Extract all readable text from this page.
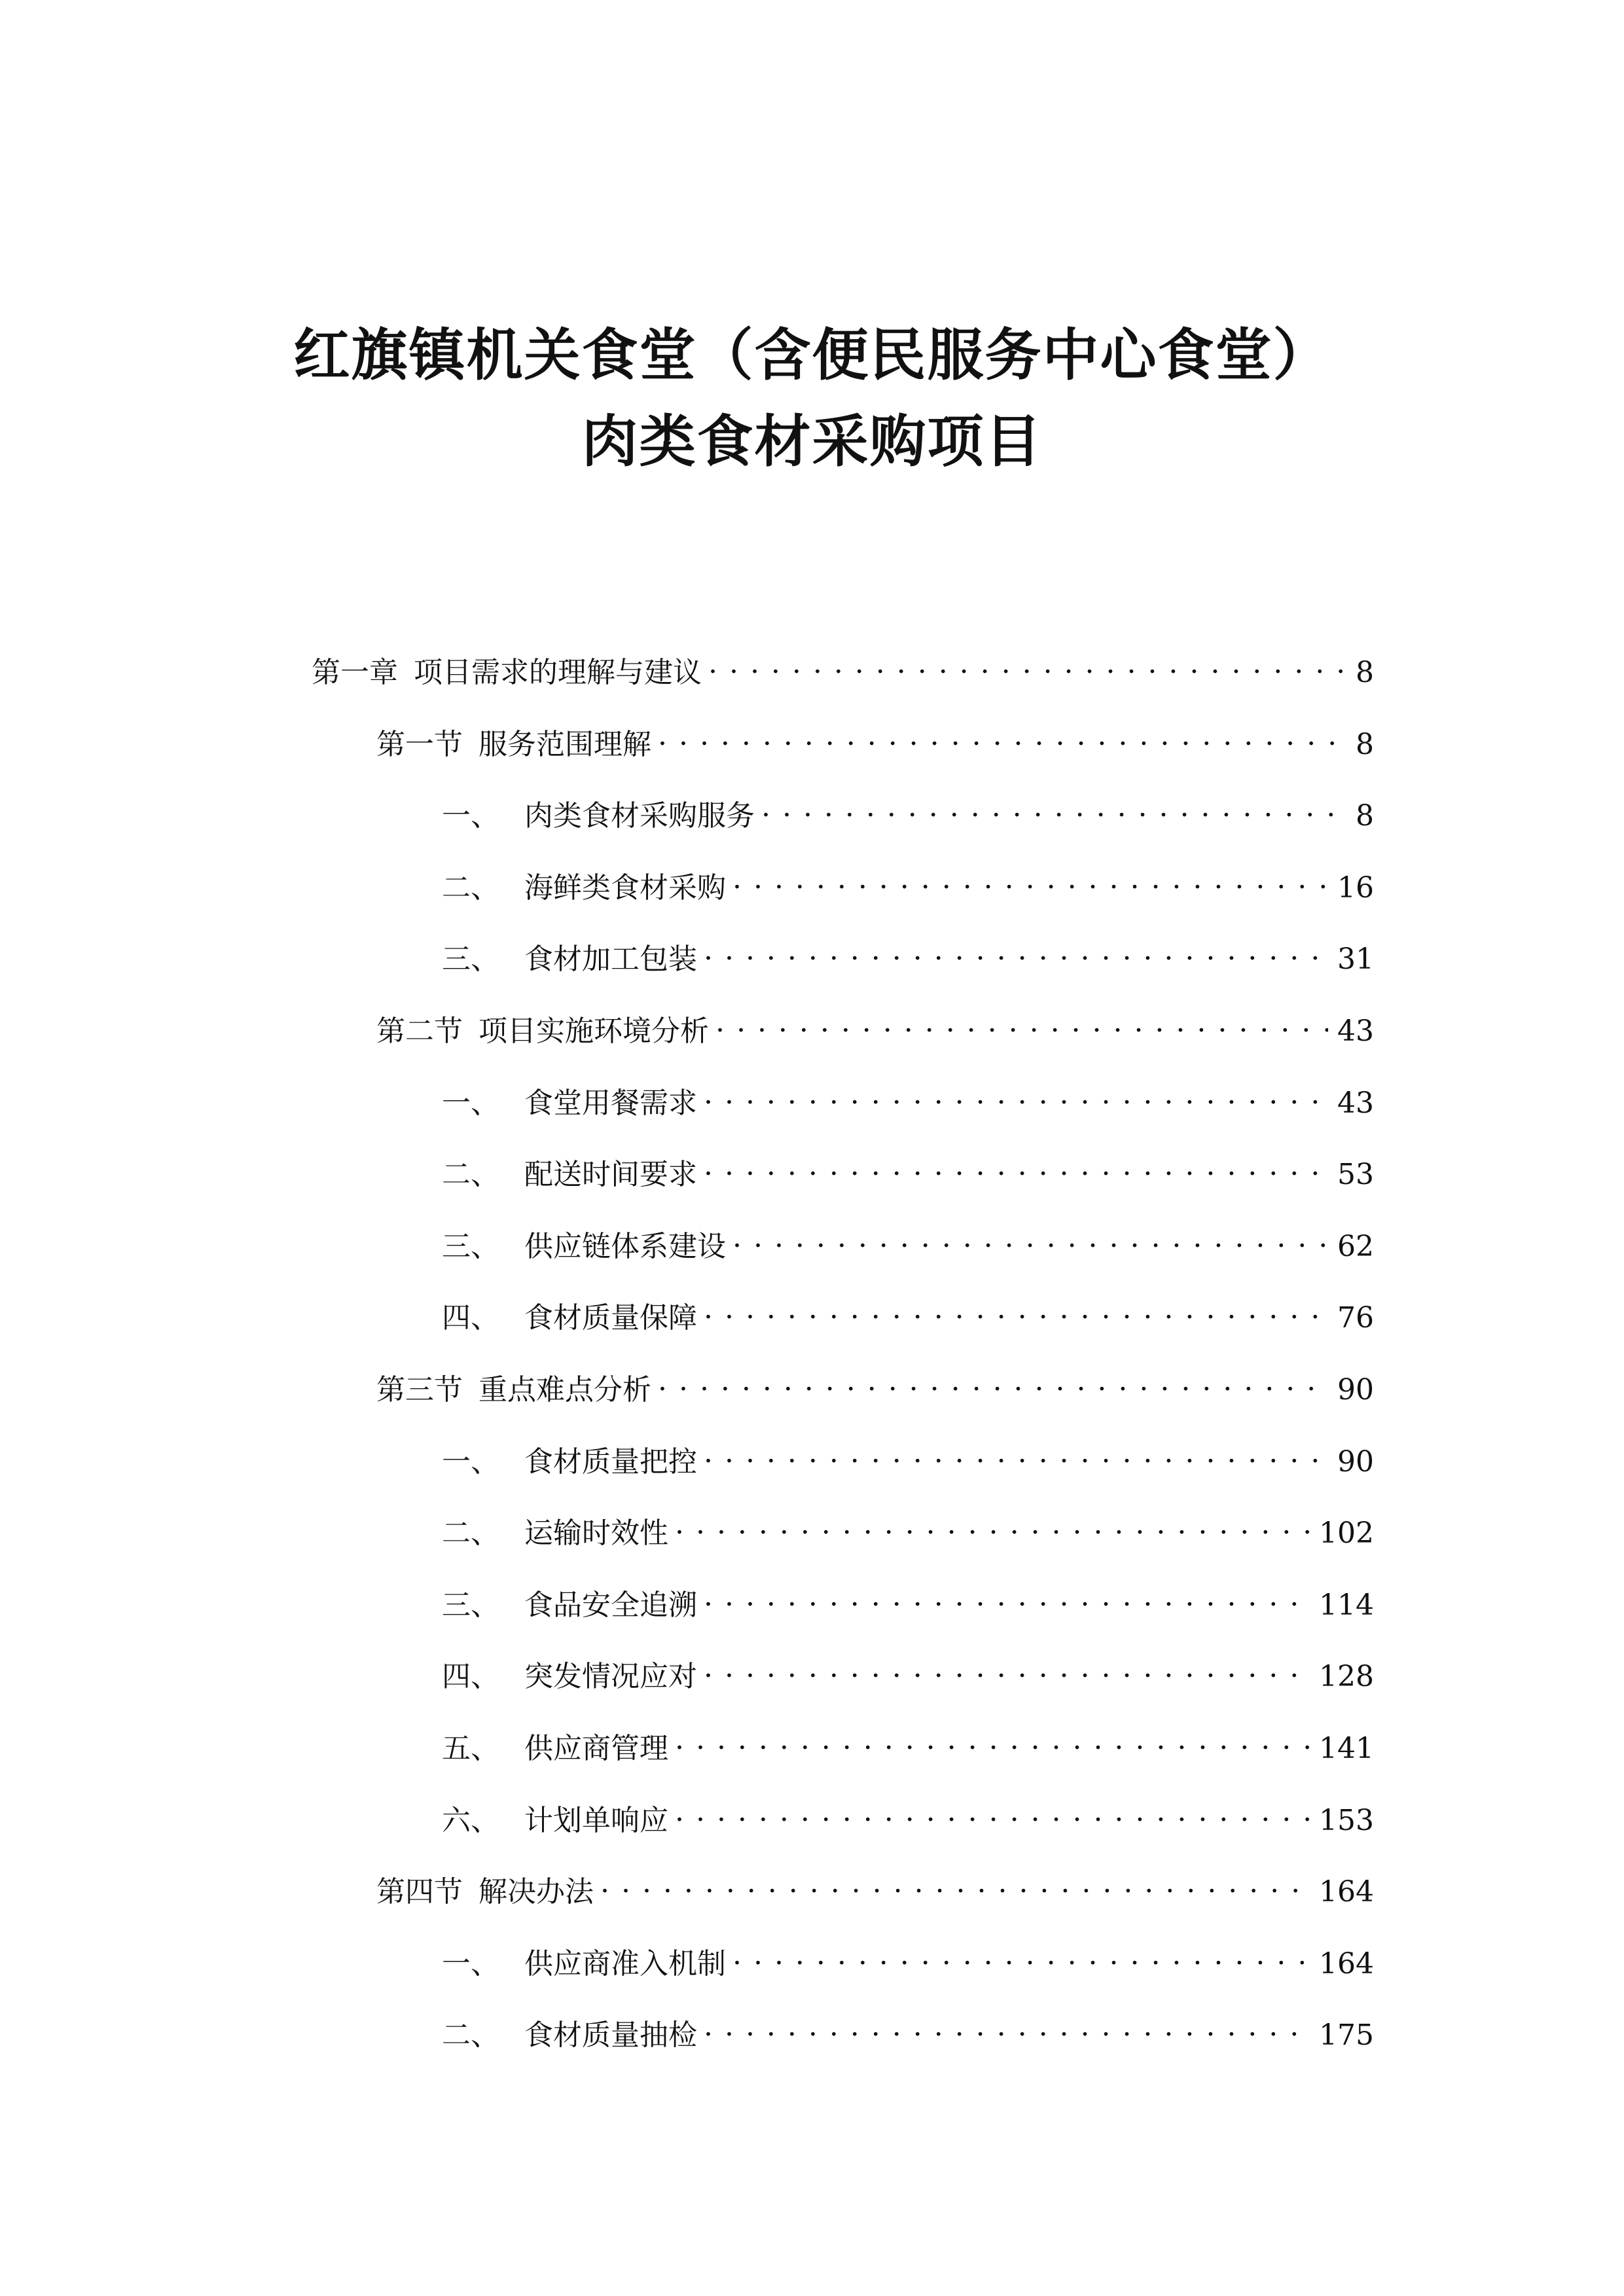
红旗镇机关食堂（含便民服务中心食堂）
肉类食材采购项目
第一章 项目需求的理解与建议 . . .	8
第一节 服务范围理解 . . .	8
一、 肉类食材采购服务 . . .	8
二、 海鲜类食材采购 . . .	16
三、 食材加工包装 . . .	31
第二节 项目实施环境分析 . . .	43
一、 食堂用餐需求 . . .	43
二、 配送时间要求 . . .	53
三、 供应链体系建设 . . .	62
四、 食材质量保障 . . .	76
第三节 重点难点分析 . . .	90
一、 食材质量把控 . . .	90
二、 运输时效性 . . .	102
三、 食品安全追溯 . . .	114
四、 突发情况应对 . . .	128
五、 供应商管理 . . .	141
六、 计划单响应 . . .	153
第四节 解决办法 . . .	164
一、 供应商准入机制 . . .	164
二、 食材质量抽检 . . .	175
